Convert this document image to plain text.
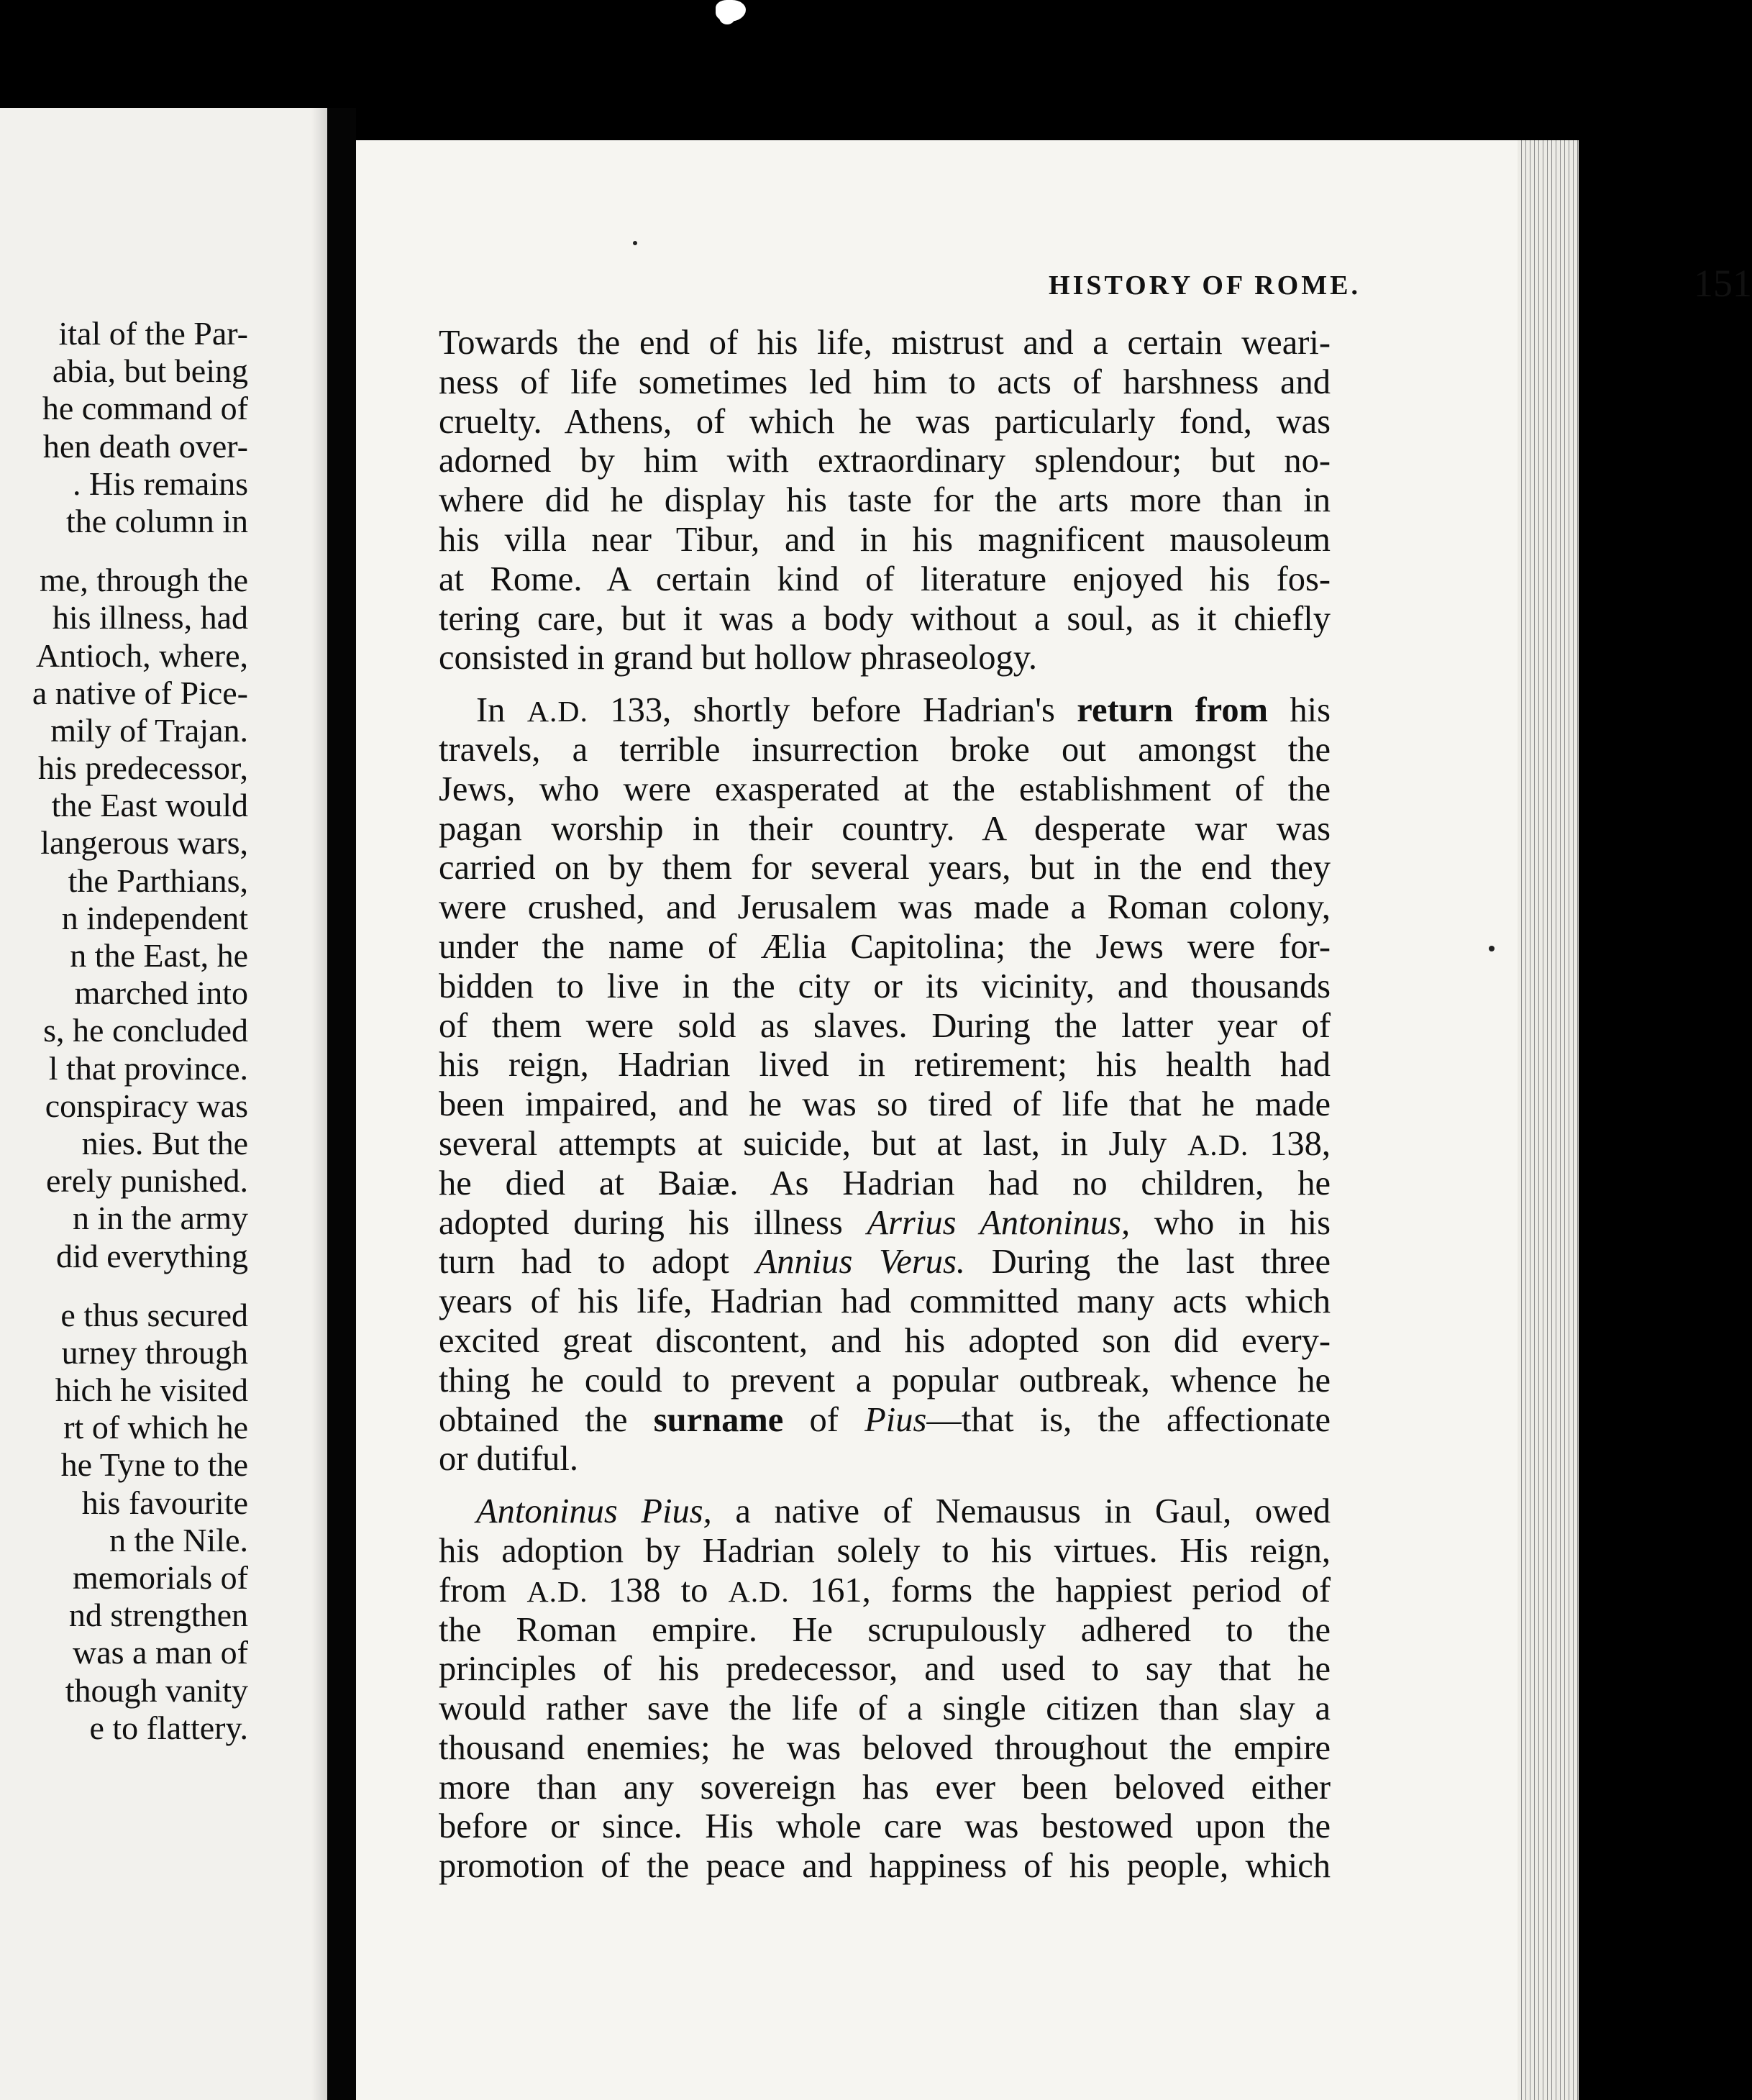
ital of the Par-
abia, but being
he command of
hen death over-
. His remains
the column in
me, through the
his illness, had
Antioch, where,
a native of Pice-
mily of Trajan.
his predecessor,
the East would
langerous wars,
the Parthians,
n independent
n the East, he
marched into
s, he concluded
l that province.
conspiracy was
nies. But the
erely punished.
n in the army
did everything
e thus secured
urney through
hich he visited
rt of which he
he Tyne to the
his favourite
n the Nile.
memorials of
nd strengthen
was a man of
though vanity
e to flattery.
HISTORY OF ROME.	151
Towards the end of his life, mistrust and a certain weari-
ness of life sometimes led him to acts of harshness and
cruelty. Athens, of which he was particularly fond, was
adorned by him with extraordinary splendour; but no-
where did he display his taste for the arts more than in
his villa near Tibur, and in his magnificent mausoleum
at Rome. A certain kind of literature enjoyed his fos-
tering care, but it was a body without a soul, as it chiefly
consisted in grand but hollow phraseology.
In A.D. 133, shortly before Hadrian's return from his
travels, a terrible insurrection broke out amongst the
Jews, who were exasperated at the establishment of the
pagan worship in their country. A desperate war was
carried on by them for several years, but in the end they
were crushed, and Jerusalem was made a Roman colony,
under the name of Ælia Capitolina; the Jews were for-
bidden to live in the city or its vicinity, and thousands
of them were sold as slaves. During the latter year of
his reign, Hadrian lived in retirement; his health had
been impaired, and he was so tired of life that he made
several attempts at suicide, but at last, in July A.D. 138,
he died at Baiæ. As Hadrian had no children, he
adopted during his illness Arrius Antoninus, who in his
turn had to adopt Annius Verus. During the last three
years of his life, Hadrian had committed many acts which
excited great discontent, and his adopted son did every-
thing he could to prevent a popular outbreak, whence he
obtained the surname of Pius—that is, the affectionate
or dutiful.
Antoninus Pius, a native of Nemausus in Gaul, owed
his adoption by Hadrian solely to his virtues. His reign,
from A.D. 138 to A.D. 161, forms the happiest period of
the Roman empire. He scrupulously adhered to the
principles of his predecessor, and used to say that he
would rather save the life of a single citizen than slay a
thousand enemies; he was beloved throughout the empire
more than any sovereign has ever been beloved either
before or since. His whole care was bestowed upon the
promotion of the peace and happiness of his people, which
